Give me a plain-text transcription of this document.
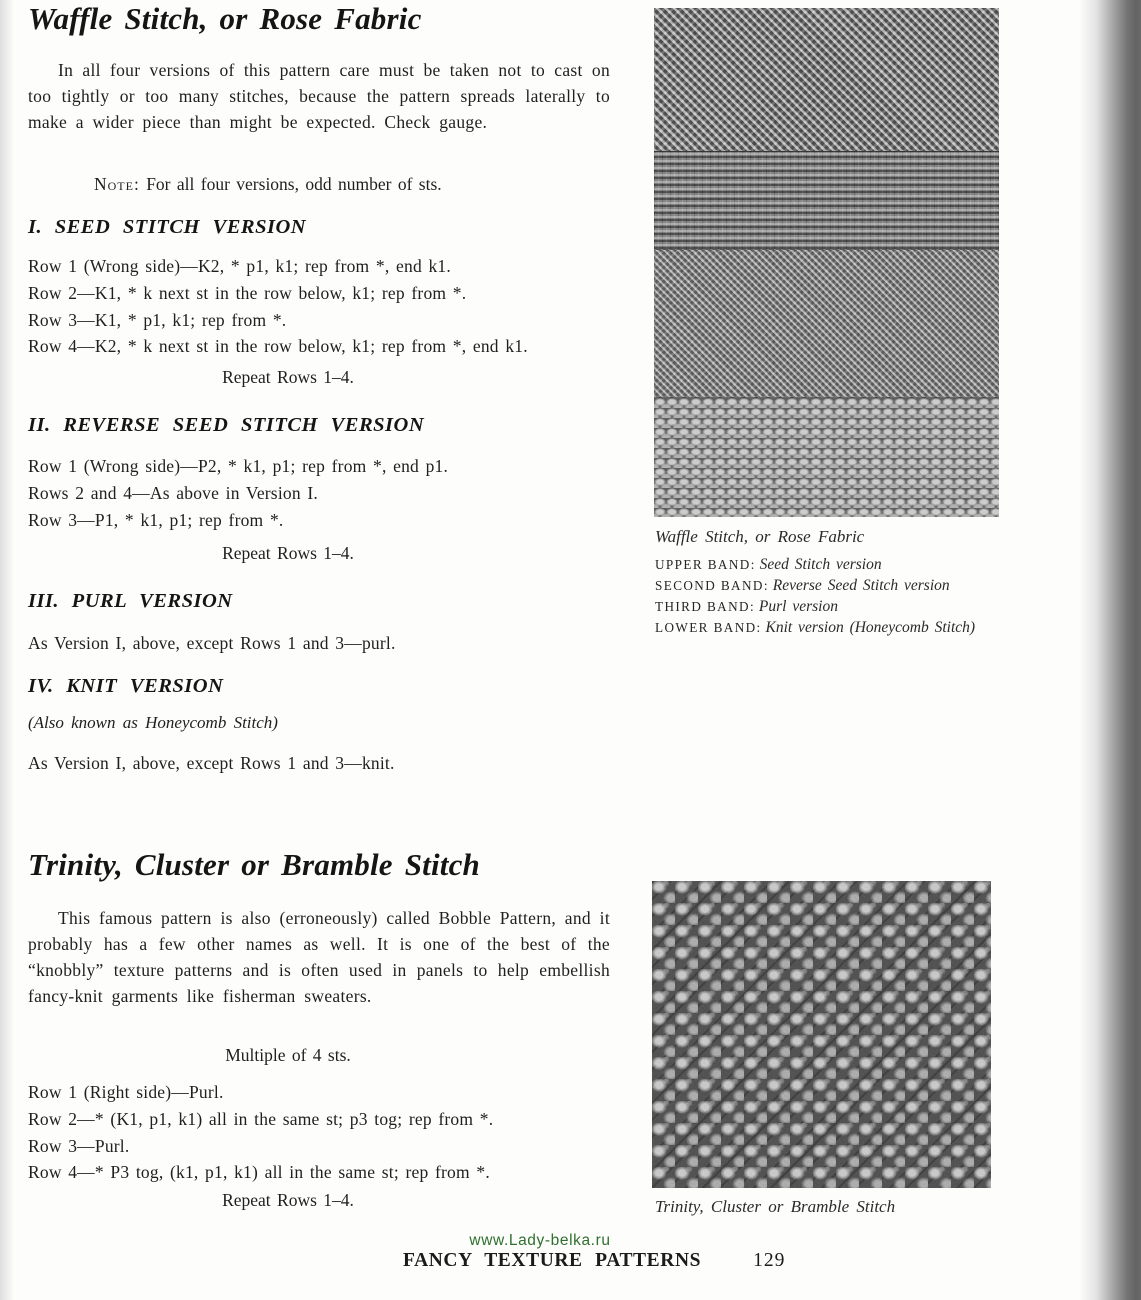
Waffle Stitch, or Rose Fabric
In all four versions of this pattern care must be taken not to cast on too tightly or too many stitches, because the pattern spreads laterally to make a wider piece than might be expected. Check gauge.
Note: For all four versions, odd number of sts.
I. SEED STITCH VERSION
Row 1 (Wrong side)—K2, * p1, k1; rep from *, end k1.
Row 2—K1, * k next st in the row below, k1; rep from *.
Row 3—K1, * p1, k1; rep from *.
Row 4—K2, * k next st in the row below, k1; rep from *, end k1.
Repeat Rows 1–4.
II. REVERSE SEED STITCH VERSION
Row 1 (Wrong side)—P2, * k1, p1; rep from *, end p1.
Rows 2 and 4—As above in Version I.
Row 3—P1, * k1, p1; rep from *.
Repeat Rows 1–4.
III. PURL VERSION
As Version I, above, except Rows 1 and 3—purl.
IV. KNIT VERSION
(Also known as Honeycomb Stitch)
As Version I, above, except Rows 1 and 3—knit.
Waffle Stitch, or Rose Fabric
UPPER BAND: Seed Stitch version
SECOND BAND: Reverse Seed Stitch version
THIRD BAND: Purl version
LOWER BAND: Knit version (Honeycomb Stitch)
Trinity, Cluster or Bramble Stitch
This famous pattern is also (erroneously) called Bobble Pattern, and it probably has a few other names as well. It is one of the best of the “knobbly” texture patterns and is often used in panels to help embellish fancy-knit garments like fisherman sweaters.
Multiple of 4 sts.
Row 1 (Right side)—Purl.
Row 2—* (K1, p1, k1) all in the same st; p3 tog; rep from *.
Row 3—Purl.
Row 4—* P3 tog, (k1, p1, k1) all in the same st; rep from *.
Repeat Rows 1–4.	Trinity, Cluster or Bramble Stitch
www.Lady-belka.ru
FANCY TEXTURE PATTERNS	129
